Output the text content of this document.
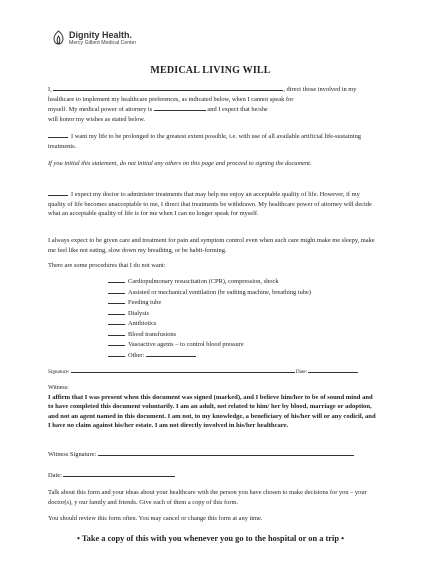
Dignity Health.
Mercy Gilbert Medical Center
MEDICAL LIVING WILL
I,	, direct those involved in my
healthcare to implement my healthcare preferences, as indicated below, when I cannot speak for
myself. My medical power of attorney is	and I expect that he/she
will honor my wishes as stated below.
I want my life to be prolonged to the greatest extent possible, i.e. with use of all available artificial life-sustaining treatments.
If you initial this statement, do not initial any others on this page and proceed to signing the document.
I expect my doctor to administer treatments that may help me enjoy an acceptable quality of life. However, if my quality of life becomes unacceptable to me, I direct that treatments be withdrawn. My healthcare power of attorney will decide what an acceptable quality of life is for me when I can no longer speak for myself.
I always expect to be given care and treatment for pain and symptom control even when such care might make me sleepy, make me feel like not eating, slow down my breathing, or be habit-forming.
There are some procedures that I do not want:
Cardiopulmonary resuscitation (CPR), compression, shock
Assisted or mechanical ventilation (br eathing machine, breathing tube)
Feeding tube
Dialysis
Antibiotics
Blood transfusions
Vasoactive agents – to control blood pressure
Other:
Signature:	Date:
Witness:
I affirm that I was present when this document was signed (marked), and I believe him/her to be of sound mind and to have completed this document voluntarily. I am an adult, not related to him/ her by blood, marriage or adoption, and not an agent named in this document. I am not, to my knowledge, a beneficiary of his/her will or any codicil, and I have no claim against his/her estate. I am not directly involved in his/her healthcare.
Witness Signature:
Date:
Talk about this form and your ideas about your healthcare with the person you have chosen to make decisions for you – your doctor(s), y our family and friends. Give each of them a copy of this form.
You should review this form often. You may cancel or change this form at any time.
• Take a copy of this with you whenever you go to the hospital or on a trip •
